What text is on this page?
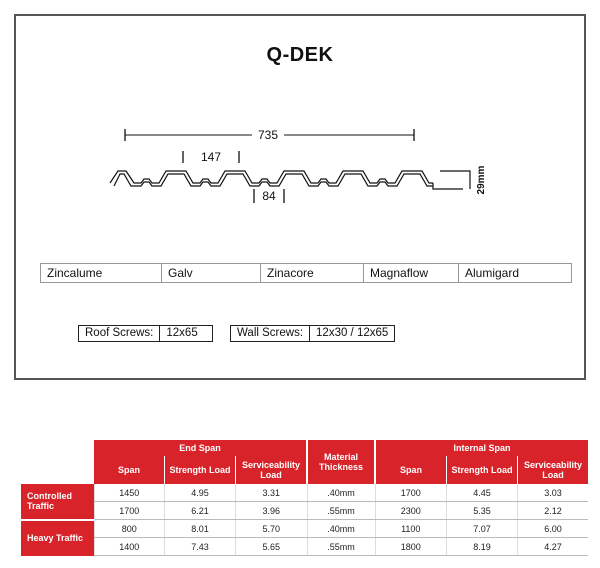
Q-DEK
735
147
29mm
84
Zincalume	Galv	Zinacore	Magnaflow	Alumigard
Roof Screws:	12x65	Wall Screws:	12x30 / 12x65
	End Span			Material Thickness	Internal Span		
	Span	Strength Load	Serviceability Load		Span	Strength Load	Serviceability Load
Controlled Traffic	1450	4.95	3.31	.40mm	1700	4.45	3.03
	1700	6.21	3.96	.55mm	2300	5.35	2.12
Heavy Traffic	800	8.01	5.70	.40mm	1100	7.07	6.00
	1400	7.43	5.65	.55mm	1800	8.19	4.27
